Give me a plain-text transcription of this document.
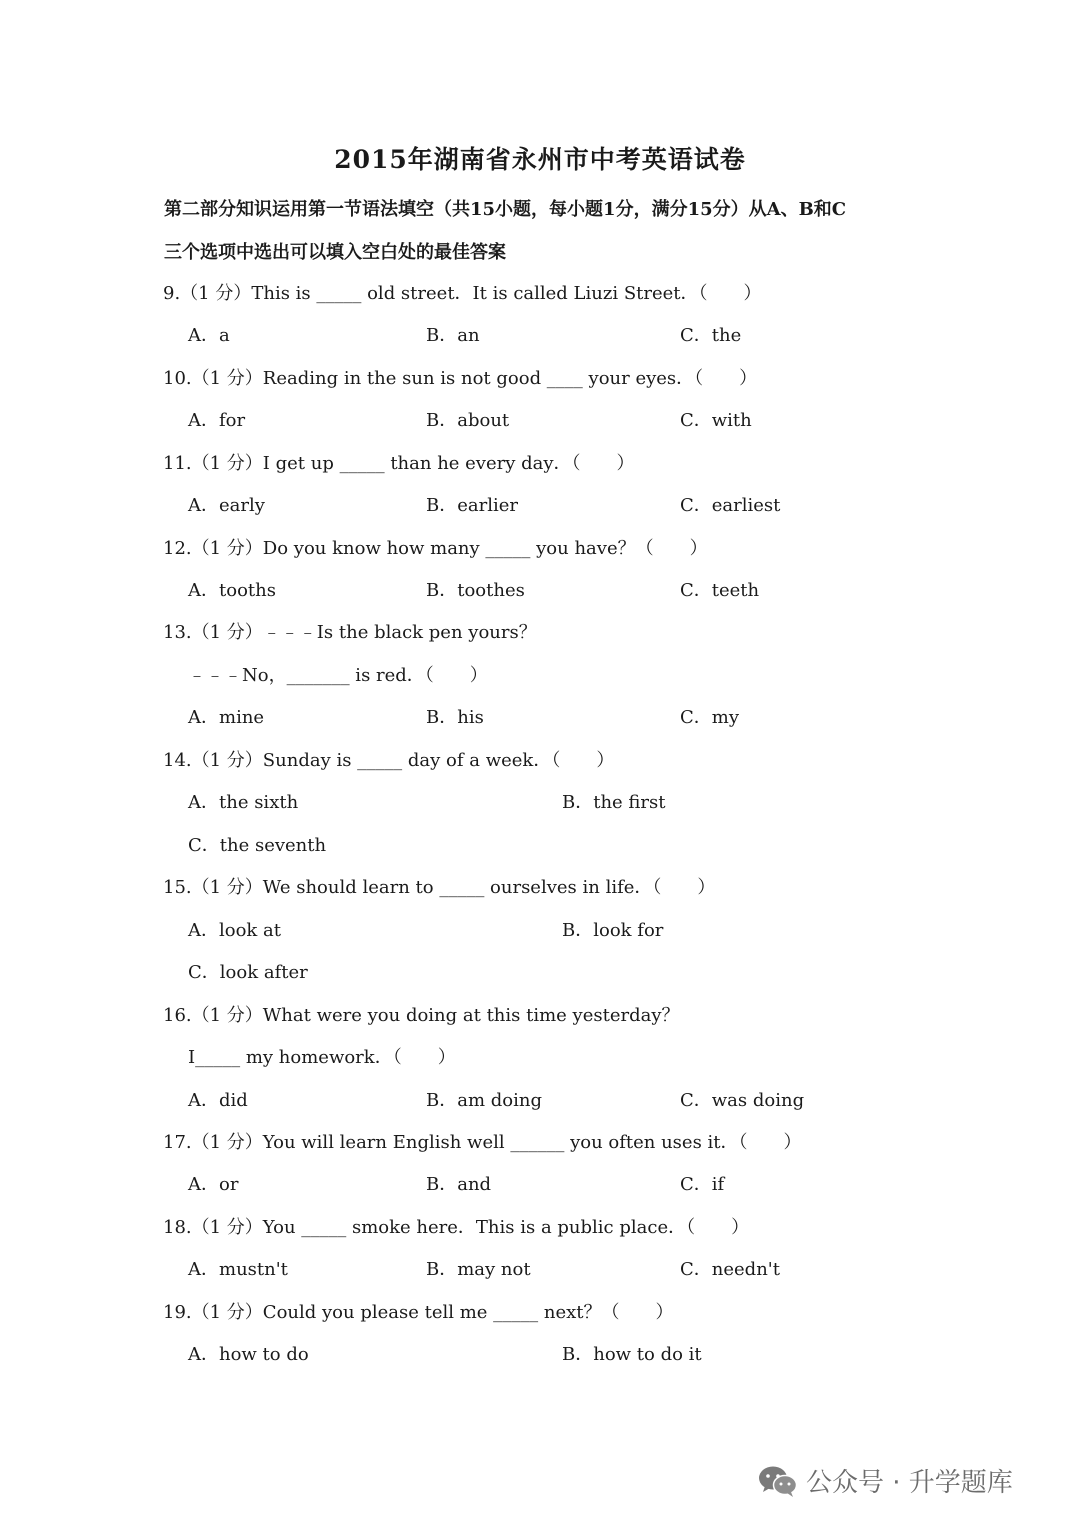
2015年湖南省永州市中考英语试卷

第二部分知识运用第一节语法填空（共15小题，每小题1分，满分15分）从A、B和C

三个选项中选出可以填入空白处的最佳答案

9.（1 分）This is _____ old street．It is called Liuzi Street．（　　）
A．a	B．an	C．the
10.（1 分）Reading in the sun is not good ____ your eyes．（　　）
A．for	B．about	C．with
11.（1 分）I get up _____ than he every day．（　　）
A．early	B．earlier	C．earliest
12.（1 分）Do you know how many _____ you have？（　　）
A．tooths	B．toothes	C．teeth
13.（1 分）﹣﹣﹣Is the black pen yours？
﹣﹣﹣No，_______ is red．（　　）
A．mine	B．his	C．my
14.（1 分）Sunday is _____ day of a week．（　　）
A．the sixth	B．the first
C．the seventh
15.（1 分）We should learn to _____ ourselves in life．（　　）
A．look at	B．look for
C．look after
16.（1 分）What were you doing at this time yesterday？
I_____ my homework．（　　）
A．did	B．am doing	C．was doing
17.（1 分）You will learn English well ______ you often uses it．（　　）
A．or	B．and	C．if
18.（1 分）You _____ smoke here．This is a public place．（　　）
A．mustn't	B．may not	C．needn't
19.（1 分）Could you please tell me _____ next？（　　）
A．how to do	B．how to do it
公众号 · 升学题库
